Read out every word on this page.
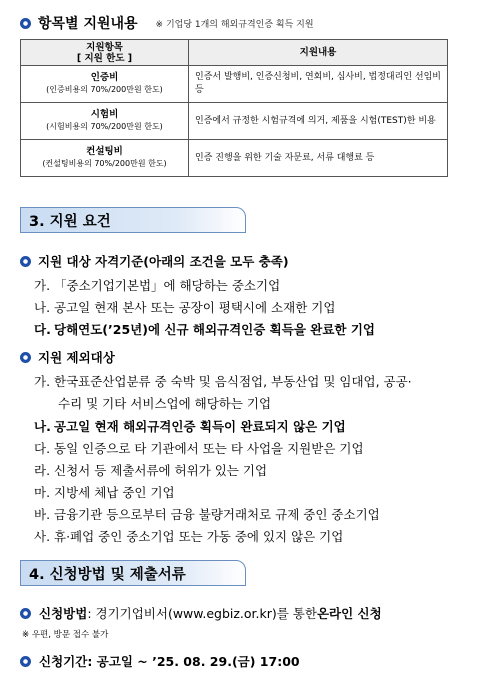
항목별 지원내용 ※ 기업당 1개의 해외규격인증 획득 지원
지원항목
[ 지원 한도 ]	지원내용

인증비
(인증비용의 70%/200만원 한도)	인증서 발행비, 인증신청비, 연회비, 심사비, 법정대리인 선임비 등

시험비
(시험비용의 70%/200만원 한도)	인증에서 규정한 시험규격에 의거, 제품을 시험(TEST)한 비용

컨설팅비
(컨설팅비용의 70%/200만원 한도)	인증 진행을 위한 기술 자문료, 서류 대행료 등
3. 지원 요건
지원 대상 자격기준(아래의 조건을 모두 충족)
가. 「중소기업기본법」에 해당하는 중소기업
나. 공고일 현재 본사 또는 공장이 평택시에 소재한 기업
다. 당해연도(’25년)에 신규 해외규격인증 획득을 완료한 기업
지원 제외대상
가. 한국표준산업분류 중 숙박 및 음식점업, 부동산업 및 임대업, 공공·
수리 및 기타 서비스업에 해당하는 기업
나. 공고일 현재 해외규격인증 획득이 완료되지 않은 기업
다. 동일 인증으로 타 기관에서 또는 타 사업을 지원받은 기업
라. 신청서 등 제출서류에 허위가 있는 기업
마. 지방세 체납 중인 기업
바. 금융기관 등으로부터 금융 불량거래처로 규제 중인 중소기업
사. 휴·폐업 중인 중소기업 또는 가동 중에 있지 않은 기업
4. 신청방법 및 제출서류
신청방법 : 경기기업비서(www.egbiz.or.kr)를 통한 온라인 신청
※ 우편, 방문 접수 불가
신청기간 : 공고일 ~ ’25. 08. 29.(금) 17:00
